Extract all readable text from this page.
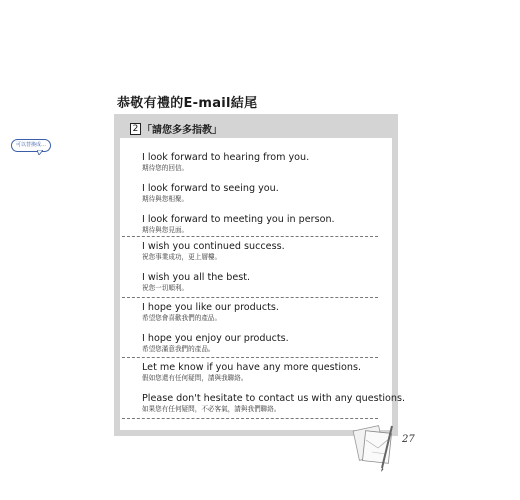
恭敬有禮的E-mail結尾
2 「請您多多指教」
可以替換成…
I look forward to hearing from you.
期待您的回信。
I look forward to seeing you.
期待與您相聚。
I look forward to meeting you in person.
期待與您見面。
I wish you continued success.
祝您事業成功，更上層樓。
I wish you all the best.
祝您一切順利。
I hope you like our products.
希望您會喜歡我們的產品。
I hope you enjoy our products.
希望您滿意我們的產品。
Let me know if you have any more questions.
假如您還有任何疑問，請與我聯絡。
Please don't hesitate to contact us with any questions.
如果您有任何疑問，不必客氣，請與我們聯絡。
27
